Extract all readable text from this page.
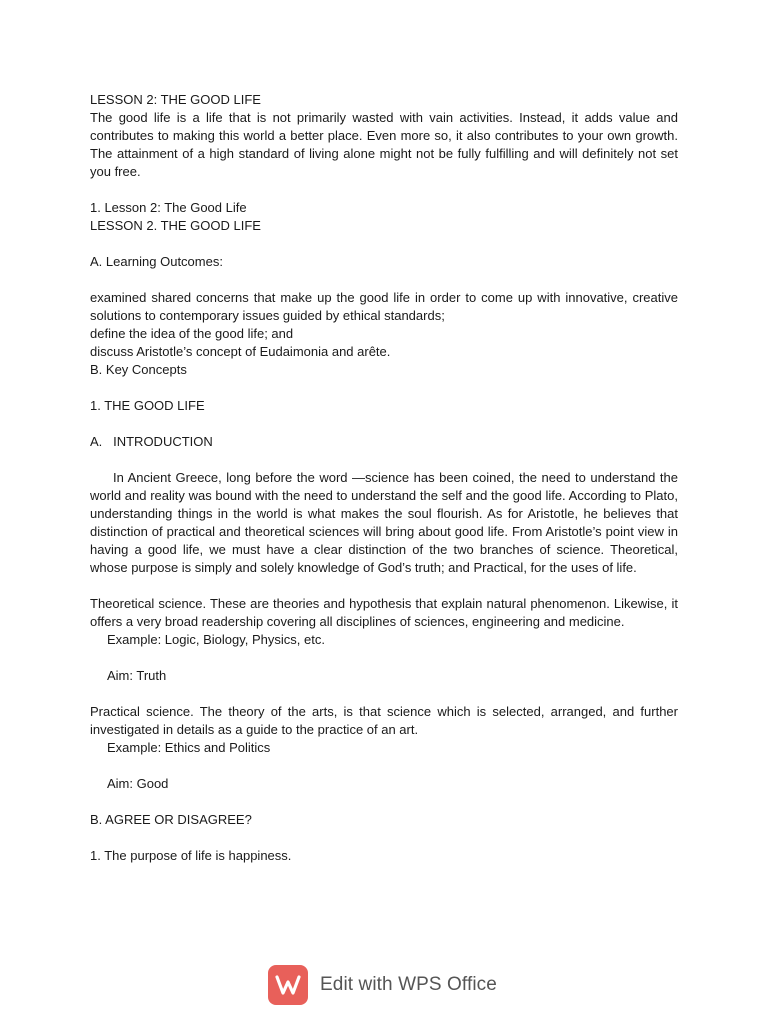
LESSON 2: THE GOOD LIFE

The good life is a life that is not primarily wasted with vain activities. Instead, it adds value and contributes to making this world a better place. Even more so, it also contributes to your own growth. The attainment of a high standard of living alone might not be fully fulfilling and will definitely not set you free.

1. Lesson 2: The Good Life

LESSON 2. THE GOOD LIFE

A. Learning Outcomes:

examined shared concerns that make up the good life in order to come up with innovative, creative solutions to contemporary issues guided by ethical standards;

define the idea of the good life; and

discuss Aristotle’s concept of Eudaimonia and arête.

B. Key Concepts

1. THE GOOD LIFE

A.   INTRODUCTION

In Ancient Greece, long before the word —science has been coined, the need to understand the world and reality was bound with the need to understand the self and the good life. According to Plato, understanding things in the world is what makes the soul flourish. As for Aristotle, he believes that distinction of practical and theoretical sciences will bring about good life. From Aristotle’s point view in having a good life, we must have a clear distinction of the two branches of science. Theoretical, whose purpose is simply and solely knowledge of God’s truth; and Practical, for the uses of life.

Theoretical science. These are theories and hypothesis that explain natural phenomenon. Likewise, it offers a very broad readership covering all disciplines of sciences, engineering and medicine.

Example: Logic, Biology, Physics, etc.

Aim: Truth

Practical science. The theory of the arts, is that science which is selected, arranged, and further investigated in details as a guide to the practice of an art.

Example: Ethics and Politics

Aim: Good

B. AGREE OR DISAGREE?

1. The purpose of life is happiness.

Edit with WPS Office
